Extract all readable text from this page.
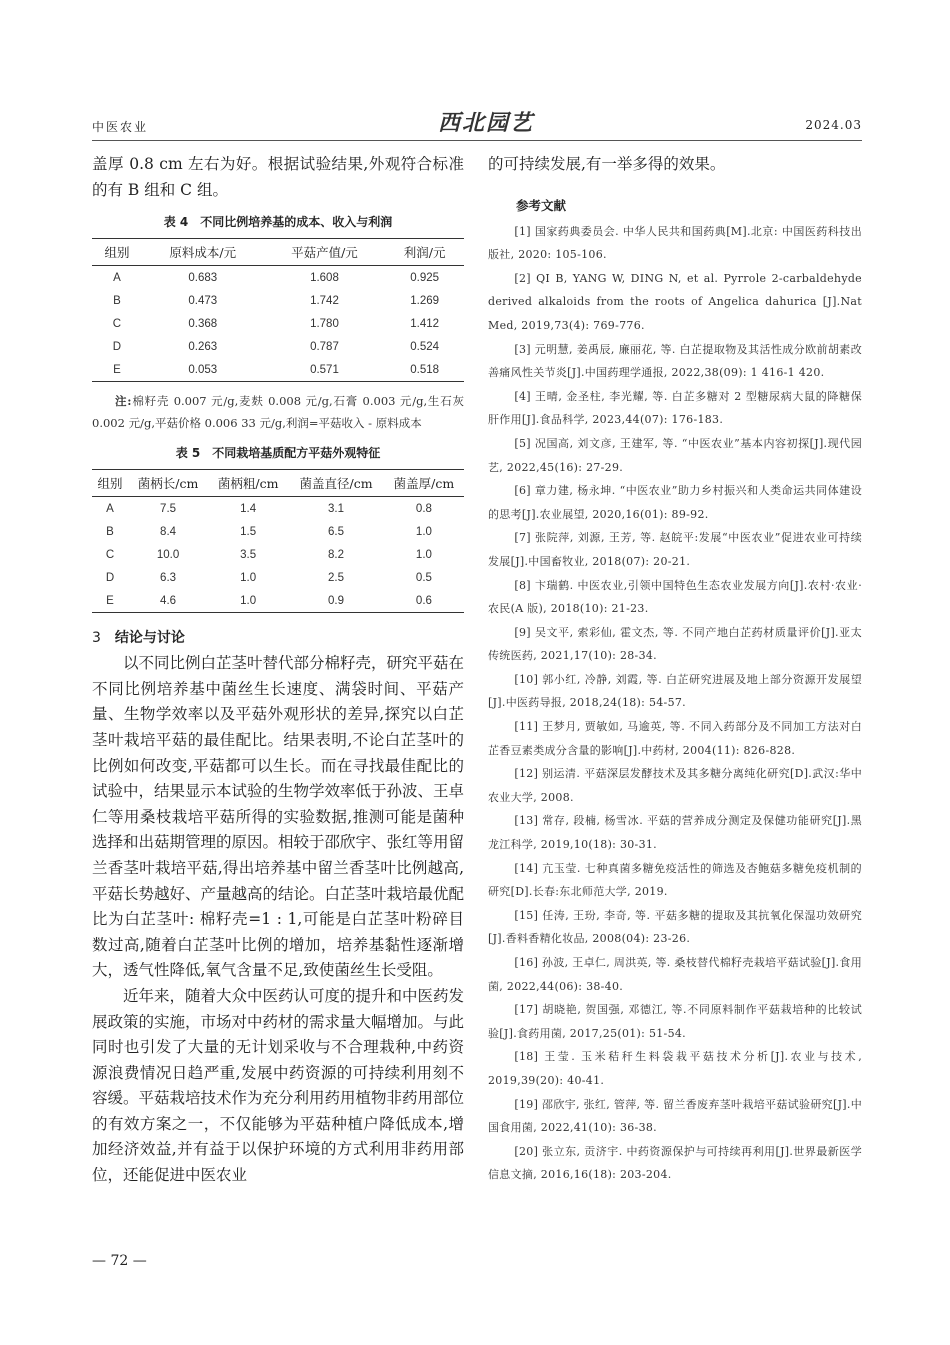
中医农业	西北园艺	2024.03

盖厚 0.8 cm 左右为好。根据试验结果,外观符合标准的有 B 组和 C 组。

表 4　不同比例培养基的成本、收入与利润
组别	原料成本/元	平菇产值/元	利润/元
A	0.683	1.608	0.925
B	0.473	1.742	1.269
C	0.368	1.780	1.412
D	0.263	0.787	0.524
E	0.053	0.571	0.518

注:棉籽壳 0.007 元/g,麦麸 0.008 元/g,石膏 0.003 元/g,生石灰 0.002 元/g,平菇价格 0.006 33 元/g,利润=平菇收入 - 原料成本

表 5　不同栽培基质配方平菇外观特征
组别	菌柄长/cm	菌柄粗/cm	菌盖直径/cm	菌盖厚/cm
A	7.5	1.4	3.1	0.8
B	8.4	1.5	6.5	1.0
C	10.0	3.5	8.2	1.0
D	6.3	1.0	2.5	0.5
E	4.6	1.0	0.9	0.6
3 结论与讨论

以不同比例白芷茎叶替代部分棉籽壳，研究平菇在不同比例培养基中菌丝生长速度、满袋时间、平菇产量、生物学效率以及平菇外观形状的差异,探究以白芷茎叶栽培平菇的最佳配比。结果表明,不论白芷茎叶的比例如何改变,平菇都可以生长。而在寻找最佳配比的试验中，结果显示本试验的生物学效率低于孙波、王卓仁等用桑枝栽培平菇所得的实验数据,推测可能是菌种选择和出菇期管理的原因。相较于邵欣宇、张红等用留兰香茎叶栽培平菇,得出培养基中留兰香茎叶比例越高,平菇长势越好、产量越高的结论。白芷茎叶栽培最优配比为白芷茎叶: 棉籽壳=1 : 1,可能是白芷茎叶粉碎目数过高,随着白芷茎叶比例的增加，培养基黏性逐渐增大，透气性降低,氧气含量不足,致使菌丝生长受阻。

近年来，随着大众中医药认可度的提升和中医药发展政策的实施，市场对中药材的需求量大幅增加。与此同时也引发了大量的无计划采收与不合理栽种,中药资源浪费情况日趋严重,发展中药资源的可持续利用刻不容缓。平菇栽培技术作为充分利用药用植物非药用部位的有效方案之一，不仅能够为平菇种植户降低成本,增加经济效益,并有益于以保护环境的方式利用非药用部位，还能促进中医农业

的可持续发展,有一举多得的效果。

参考文献

[1] 国家药典委员会. 中华人民共和国药典[M].北京: 中国医药科技出版社, 2020: 105-106.

[2] QI B, YANG W, DING N, et al. Pyrrole 2-carbaldehyde derived alkaloids from the roots of Angelica dahurica [J].Nat Med, 2019,73(4): 769-776.

[3] 元明慧, 姜禹辰, 廉丽花, 等. 白芷提取物及其活性成分欧前胡素改善痛风性关节炎[J].中国药理学通报, 2022,38(09): 1 416-1 420.

[4] 王晴, 金圣柱, 李光耀, 等. 白芷多糖对 2 型糖尿病大鼠的降糖保肝作用[J].食品科学, 2023,44(07): 176-183.

[5] 况国高, 刘文彦, 王建军, 等. “中医农业”基本内容初探[J].现代园艺, 2022,45(16): 27-29.

[6] 章力建, 杨永坤. “中医农业”助力乡村振兴和人类命运共同体建设的思考[J].农业展望, 2020,16(01): 89-92.

[7] 张院萍, 刘源, 王芳, 等. 赵皖平:发展“中医农业”促进农业可持续发展[J].中国畜牧业, 2018(07): 20-21.

[8] 卞瑞鹤. 中医农业,引领中国特色生态农业发展方向[J].农村·农业·农民(A 版), 2018(10): 21-23.

[9] 吴文平, 索彩仙, 霍文杰, 等. 不同产地白芷药材质量评价[J].亚太传统医药, 2021,17(10): 28-34.

[10] 郭小红, 冷静, 刘霞, 等. 白芷研究进展及地上部分资源开发展望[J].中医药导报, 2018,24(18): 54-57.

[11] 王梦月, 贾敏如, 马逾英, 等. 不同入药部分及不同加工方法对白芷香豆素类成分含量的影响[J].中药材, 2004(11): 826-828.

[12] 别运清. 平菇深层发酵技术及其多糖分离纯化研究[D].武汉:华中农业大学, 2008.

[13] 常存, 段楠, 杨雪冰. 平菇的营养成分测定及保健功能研究[J].黑龙江科学, 2019,10(18): 30-31.

[14] 亢玉莹. 七种真菌多糖免疫活性的筛选及杏鲍菇多糖免疫机制的研究[D].长春:东北师范大学, 2019.

[15] 任涛, 王玢, 李奇, 等. 平菇多糖的提取及其抗氧化保湿功效研究[J].香料香精化妆品, 2008(04): 23-26.

[16] 孙波, 王卓仁, 周洪英, 等. 桑枝替代棉籽壳栽培平菇试验[J].食用菌, 2022,44(06): 38-40.

[17] 胡晓艳, 贺国强, 邓德江, 等.不同原料制作平菇栽培种的比较试验[J].食药用菌, 2017,25(01): 51-54.

[18] 王莹. 玉米秸秆生料袋栽平菇技术分析[J].农业与技术, 2019,39(20): 40-41.

[19] 邵欣宇, 张红, 管萍, 等. 留兰香废弃茎叶栽培平菇试验研究[J].中国食用菌, 2022,41(10): 36-38.

[20] 张立东, 贡济宇. 中药资源保护与可持续再利用[J].世界最新医学信息文摘, 2016,16(18): 203-204.

— 72 —
